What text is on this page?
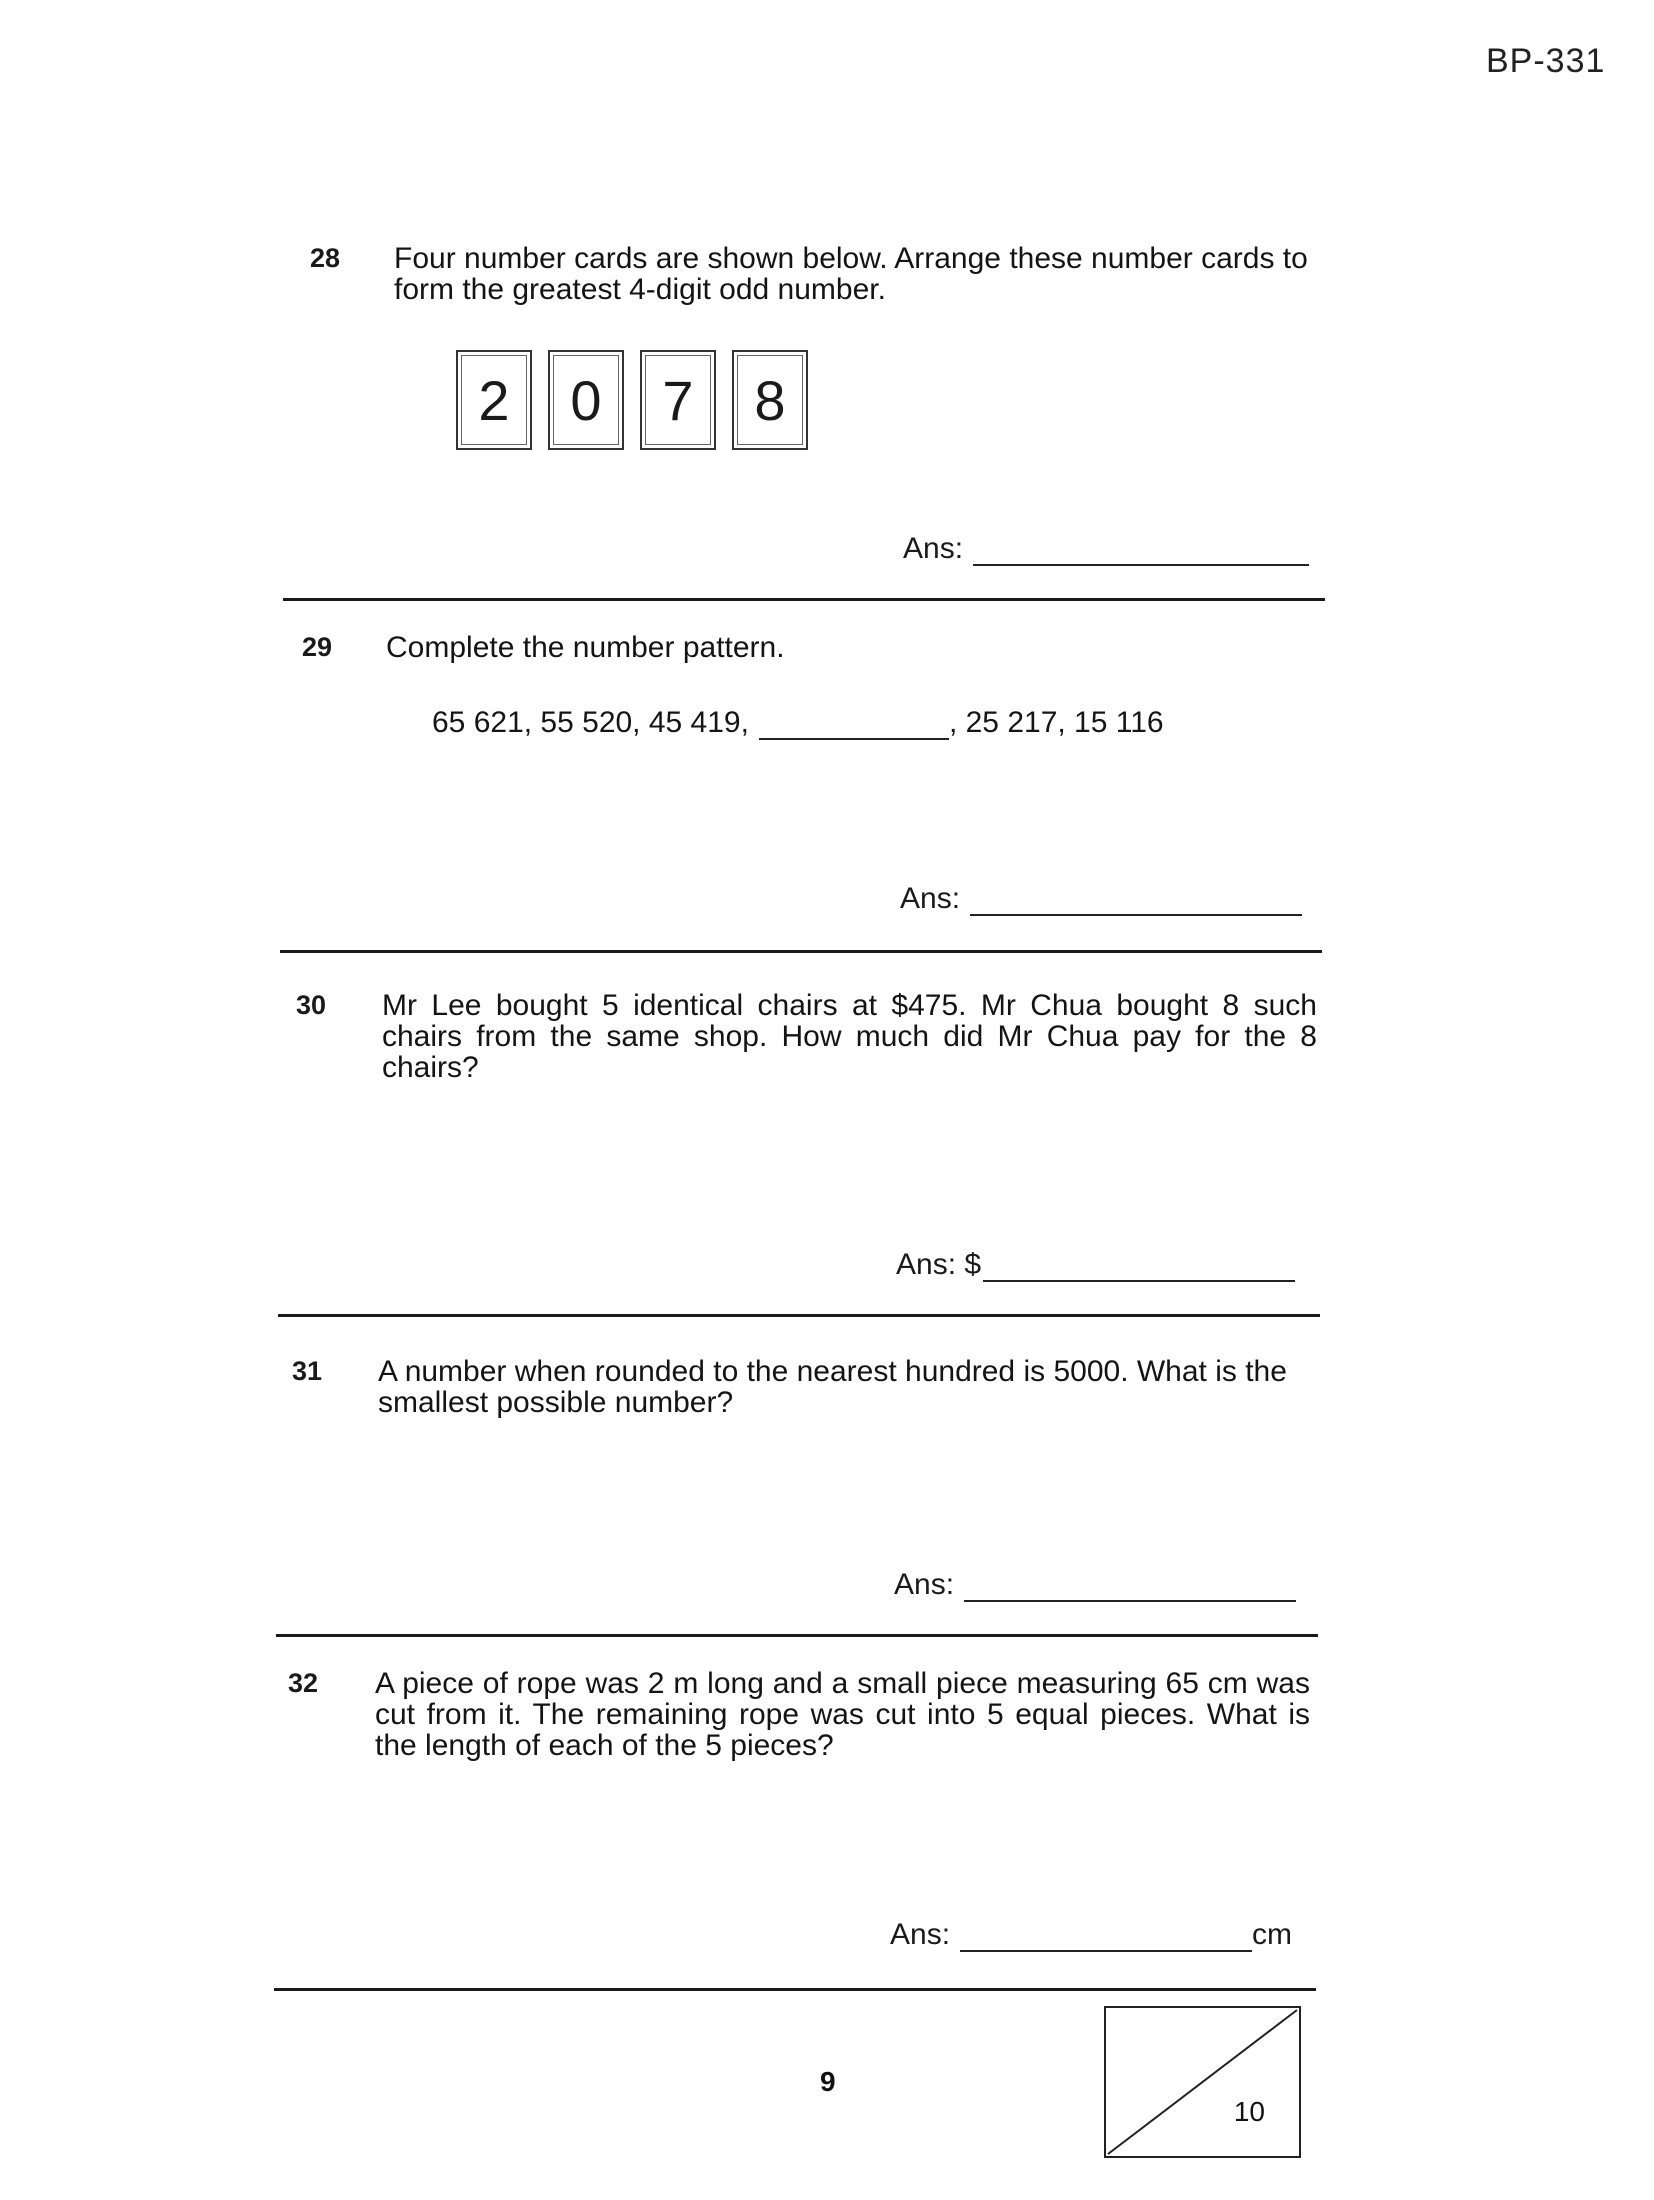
BP-331
28 Four number cards are shown below. Arrange these number cards to form the greatest 4-digit odd number.
2	0	7	8
Ans:
29 Complete the number pattern.
65 621, 55 520, 45 419,	, 25 217, 15 116
Ans:
30 Mr Lee bought 5 identical chairs at $475. Mr Chua bought 8 such chairs from the same shop. How much did Mr Chua pay for the 8 chairs?
Ans: $
31 A number when rounded to the nearest hundred is 5000. What is the smallest possible number?
Ans:
32 A piece of rope was 2 m long and a small piece measuring 65 cm was cut from it. The remaining rope was cut into 5 equal pieces. What is the length of each of the 5 pieces?
Ans:	cm
9
10
